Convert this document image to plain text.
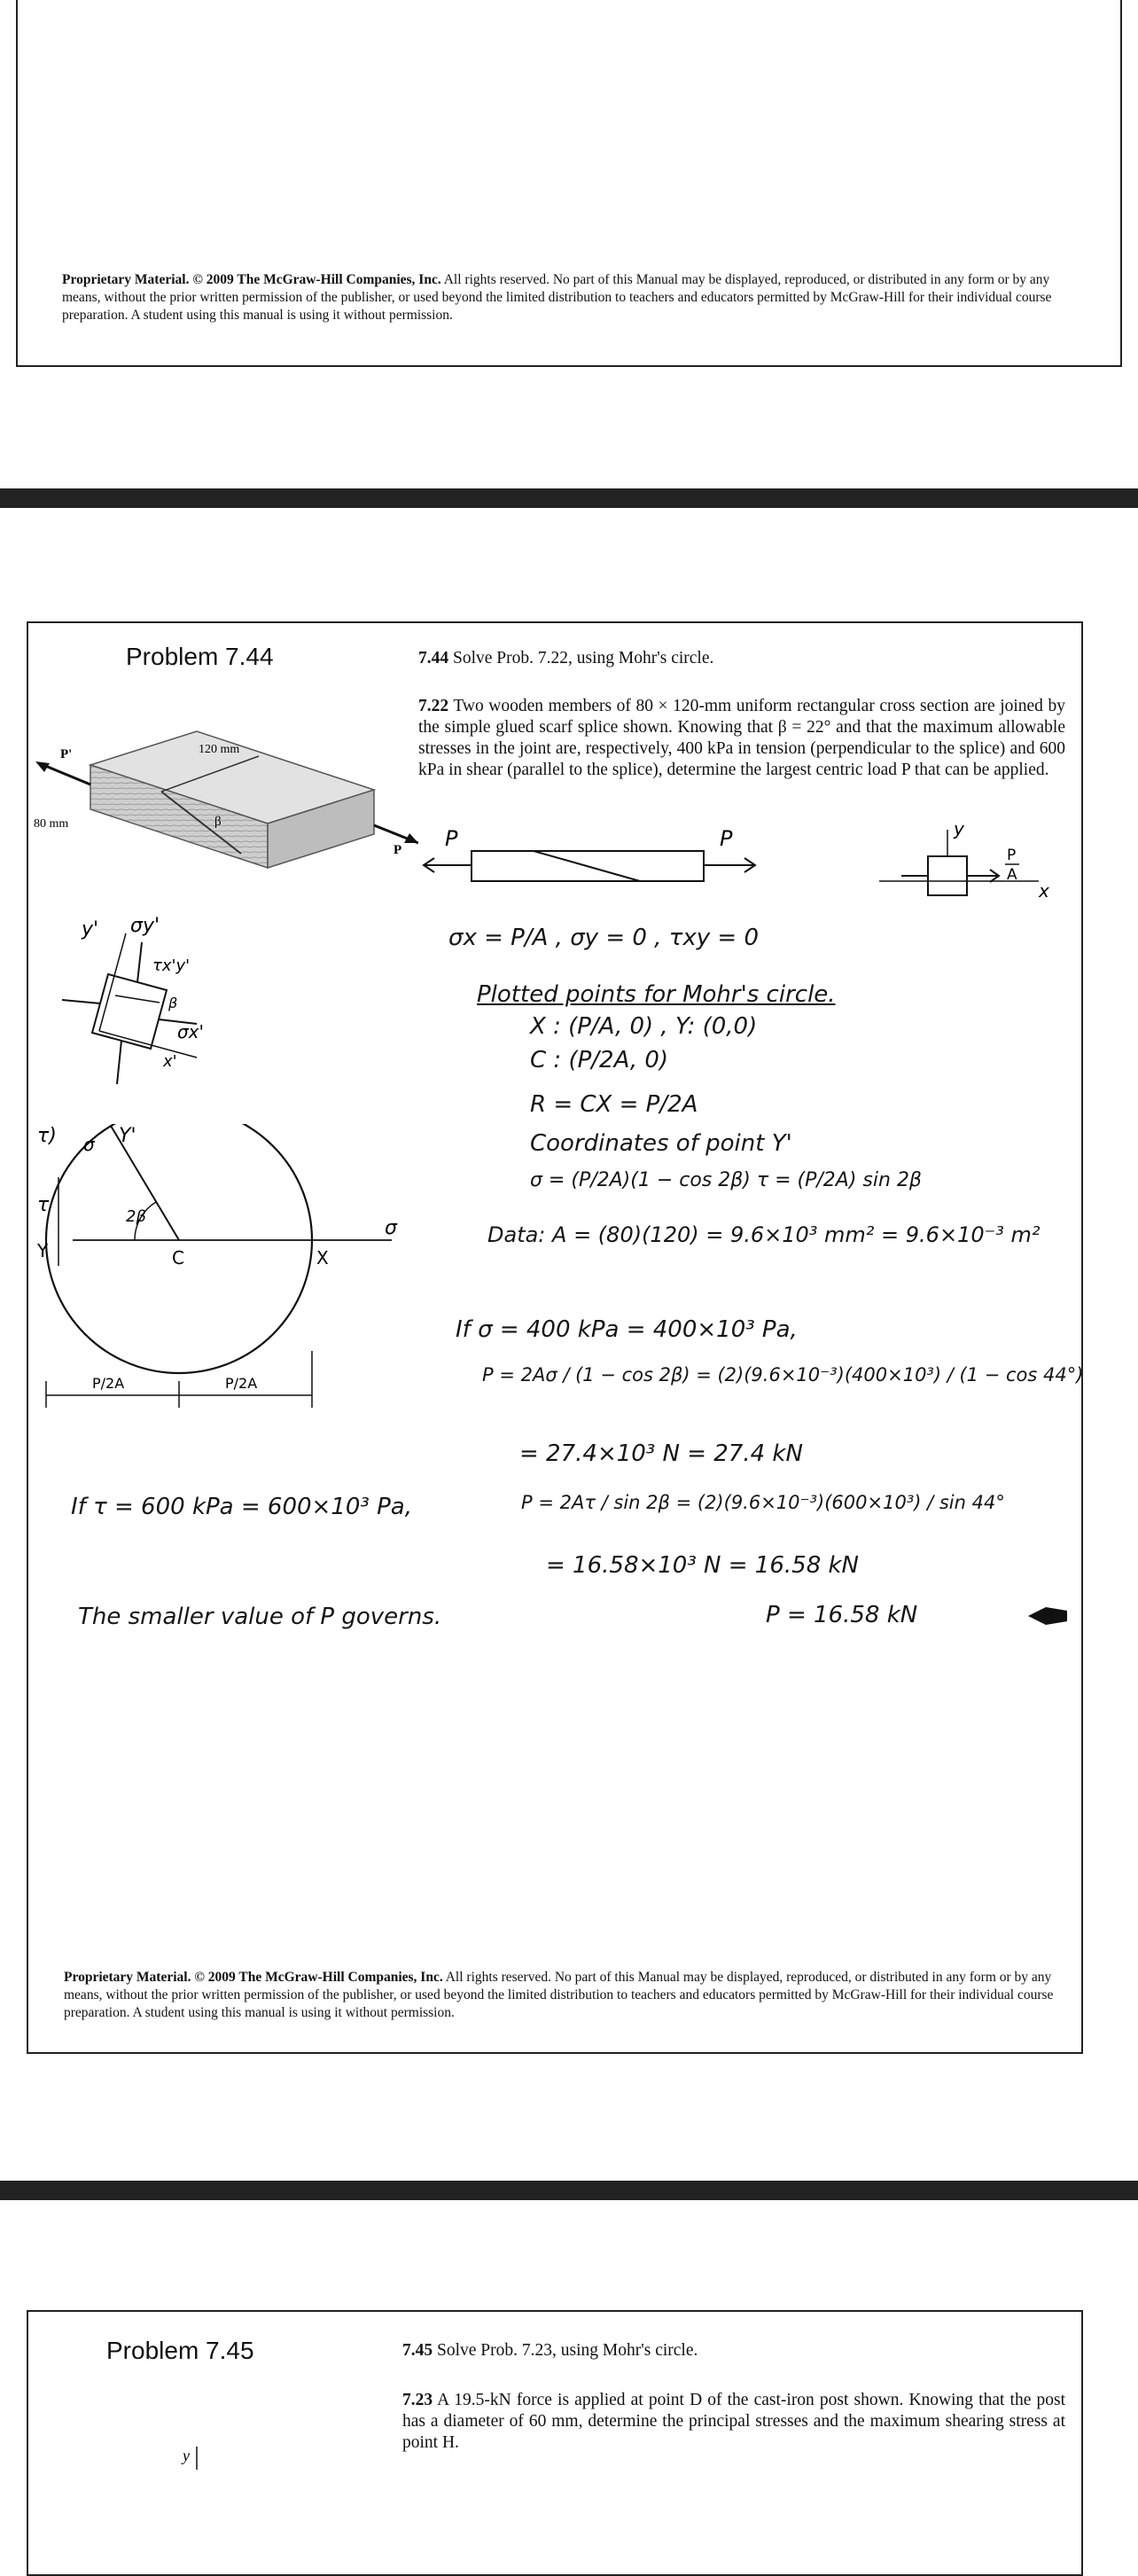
Proprietary Material. © 2009 The McGraw-Hill Companies, Inc. All rights reserved. No part of this Manual may be displayed, reproduced, or distributed in any form or by any means, without the prior written permission of the publisher, or used beyond the limited distribution to teachers and educators permitted by McGraw-Hill for their individual course preparation. A student using this manual is using it without permission.
Problem 7.44	7.44 Solve Prob. 7.22, using Mohr's circle.
7.22 Two wooden members of 80 × 120-mm uniform rectangular cross section are joined by the simple glued scarf splice shown. Knowing that β = 22° and that the maximum allowable stresses in the joint are, respectively, 400 kPa in tension (perpendicular to the splice) and 600 kPa in shear (parallel to the splice), determine the largest centric load P that can be applied.
P'
P
120 mm
80 mm	β
P	P	y
x
P
A
y' σy'
τx'y'
β
σx'
x'
τ) σ
τ
Y'
2β
Y	C	X
σ
P/2A	P/2A
σx = P/A , σy = 0 , τxy = 0
Plotted points for Mohr's circle.
X : (P/A, 0) , Y: (0,0)
C : (P/2A, 0)
R = CX = P/2A
Coordinates of point Y'
σ = (P/2A)(1 − cos 2β) τ = (P/2A) sin 2β
Data: A = (80)(120) = 9.6×10³ mm² = 9.6×10⁻³ m²
If σ = 400 kPa = 400×10³ Pa,
P = 2Aσ / (1 − cos 2β) = (2)(9.6×10⁻³)(400×10³) / (1 − cos 44°)
= 27.4×10³ N = 27.4 kN
If τ = 600 kPa = 600×10³ Pa,	P = 2Aτ / sin 2β = (2)(9.6×10⁻³)(600×10³) / sin 44°
= 16.58×10³ N = 16.58 kN
The smaller value of P governs.	P = 16.58 kN
Proprietary Material. © 2009 The McGraw-Hill Companies, Inc. All rights reserved. No part of this Manual may be displayed, reproduced, or distributed in any form or by any means, without the prior written permission of the publisher, or used beyond the limited distribution to teachers and educators permitted by McGraw-Hill for their individual course preparation. A student using this manual is using it without permission.
Problem 7.45	7.45 Solve Prob. 7.23, using Mohr's circle.
7.23 A 19.5-kN force is applied at point D of the cast-iron post shown. Knowing that the post has a diameter of 60 mm, determine the principal stresses and the maximum shearing stress at point H.
y
